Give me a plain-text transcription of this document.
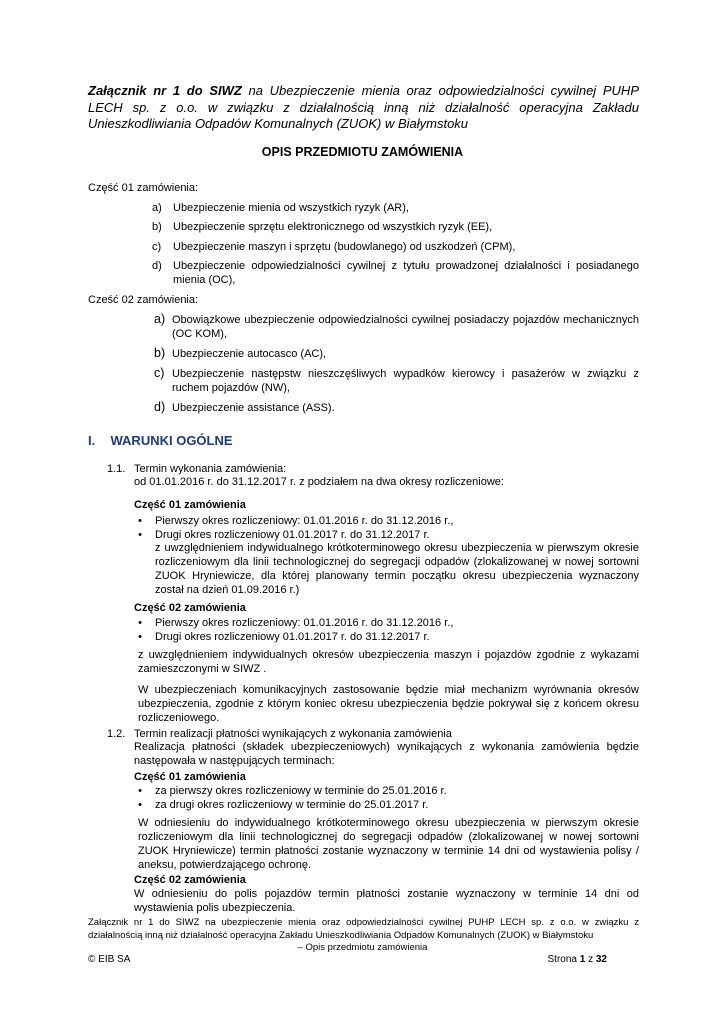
Załącznik nr 1 do SIWZ na Ubezpieczenie mienia oraz odpowiedzialności cywilnej PUHP LECH sp. z o.o. w związku z działalnością inną niż działalność operacyjna Zakładu Unieszkodliwiania Odpadów Komunalnych (ZUOK) w Białymstoku
OPIS PRZEDMIOTU ZAMÓWIENIA
Część 01 zamówienia:
a) Ubezpieczenie mienia od wszystkich ryzyk (AR),
b) Ubezpieczenie sprzętu elektronicznego od wszystkich ryzyk (EE),
c) Ubezpieczenie maszyn i sprzętu (budowlanego) od uszkodzeń (CPM),
d) Ubezpieczenie odpowiedzialności cywilnej z tytułu prowadzonej działalności i posiadanego mienia (OC),
Cześć 02 zamówienia:
a) Obowiązkowe ubezpieczenie odpowiedzialności cywilnej posiadaczy pojazdów mechanicznych (OC KOM),
b) Ubezpieczenie autocasco (AC),
c) Ubezpieczenie następstw nieszczęśliwych wypadków kierowcy i pasażerów w związku z ruchem pojazdów (NW),
d) Ubezpieczenie assistance (ASS).
I. WARUNKI OGÓLNE
1.1. Termin wykonania zamówienia:
od 01.01.2016 r. do 31.12.2017 r. z podziałem na dwa okresy rozliczeniowe:
Część 01 zamówienia
• Pierwszy okres rozliczeniowy: 01.01.2016 r. do 31.12.2016 r.,
• Drugi okres rozliczeniowy 01.01.2017 r. do 31.12.2017 r.
z uwzględnieniem indywidualnego krótkoterminowego okresu ubezpieczenia w pierwszym okresie rozliczeniowym dla linii technologicznej do segregacji odpadów (zlokalizowanej w nowej sortowni ZUOK Hryniewicze, dla której planowany termin początku okresu ubezpieczenia wyznaczony został na dzień 01.09.2016 r.)
Część 02 zamówienia
• Pierwszy okres rozliczeniowy: 01.01.2016 r. do 31.12.2016 r.,
• Drugi okres rozliczeniowy 01.01.2017 r. do 31.12.2017 r.
z uwzględnieniem indywidualnych okresów ubezpieczenia maszyn i pojazdów zgodnie z wykazami zamieszczonymi w SIWZ .
W ubezpieczeniach komunikacyjnych zastosowanie będzie miał mechanizm wyrównania okresów ubezpieczenia, zgodnie z którym koniec okresu ubezpieczenia będzie pokrywał się z końcem okresu rozliczeniowego.
1.2. Termin realizacji płatności wynikających z wykonania zamówienia
Realizacja płatności (składek ubezpieczeniowych) wynikających z wykonania zamówienia będzie następowała w następujących terminach:
Część 01 zamówienia
• za pierwszy okres rozliczeniowy w terminie do 25.01.2016 r.
• za drugi okres rozliczeniowy w terminie do 25.01.2017 r.
W odniesieniu do indywidualnego krótkoterminowego okresu ubezpieczenia w pierwszym okresie rozliczeniowym dla linii technologicznej do segregacji odpadów (zlokalizowanej w nowej sortowni ZUOK Hryniewicze) termin płatności zostanie wyznaczony w terminie 14 dni od wystawienia polisy / aneksu, potwierdzającego ochronę.
Część 02 zamówienia
W odniesieniu do polis pojazdów termin płatności zostanie wyznaczony w terminie 14 dni od wystawienia polis ubezpieczenia.
Załącznik nr 1 do SIWZ na ubezpieczenie mienia oraz odpowiedzialności cywilnej PUHP LECH sp. z o.o. w związku z działalnością inną niż działalność operacyjna Zakładu Unieszkodliwiania Odpadów Komunalnych (ZUOK) w Białymstoku
– Opis przedmiotu zamówienia
© EIB SA	Strona 1 z 32
